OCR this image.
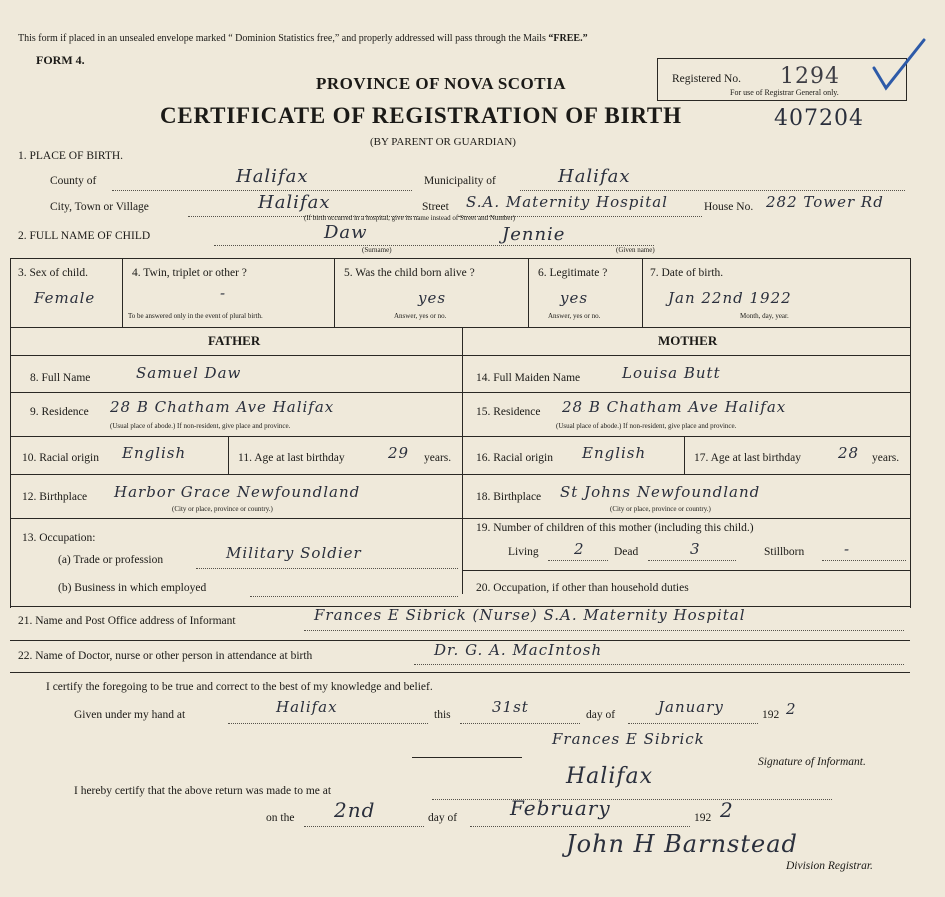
This form if placed in an unsealed envelope marked “ Dominion Statistics free,” and properly addressed will pass through the Mails “FREE.”
FORM 4.
PROVINCE OF NOVA SCOTIA
CERTIFICATE OF REGISTRATION OF BIRTH	407204
(BY PARENT OR GUARDIAN)
Registered No. 1294
For use of Registrar General only.
1. PLACE OF BIRTH.
County of	Halifax	Municipality of	Halifax
City, Town or Village	Halifax	Street S.A. Maternity Hospital	House No. 282 Tower Rd
(If birth occurred in a hospital, give its name instead of Street and Number)
2. FULL NAME OF CHILD	Daw
(Surname)
Jennie
(Given name)
3. Sex of child.
Female
4. Twin, triplet or other ?
-
To be answered only in the event of plural birth.
5. Was the child born alive ?
yes
Answer, yes or no.
6. Legitimate ?
yes
Answer, yes or no.
7. Date of birth.
Jan 22nd 1922
Month, day, year.
FATHER	MOTHER
8. Full Name	Samuel Daw
9. Residence 28 B Chatham Ave Halifax
(Usual place of abode.) If non-resident, give place and province.
10. Racial origin English	11. Age at last birthday	29 years.
12. Birthplace Harbor Grace Newfoundland
(City or place, province or country.)
13. Occupation:
(a) Trade or profession	Military Soldier
(b) Business in which employed
14. Full Maiden Name	Louisa Butt
15. Residence 28 B Chatham Ave Halifax
(Usual place of abode.) If non-resident, give place and province.
16. Racial origin English	17. Age at last birthday 28 years.
18. Birthplace St Johns Newfoundland
(City or place, province or country.)
19. Number of children of this mother (including this child.)
Living 2	Dead	3	Stillborn	-
20. Occupation, if other than household duties
21. Name and Post Office address of Informant	Frances E Sibrick (Nurse) S.A. Maternity Hospital
22. Name of Doctor, nurse or other person in attendance at birth	Dr. G. A. MacIntosh
I certify the foregoing to be true and correct to the best of my knowledge and belief.
Given under my hand at	Halifax	this	31st	day of	January	192 2
Frances E Sibrick
Signature of Informant.
I hereby certify that the above return was made to me at
Halifax
on the 2nd	day of	February	192 2
John H Barnstead
Division Registrar.
